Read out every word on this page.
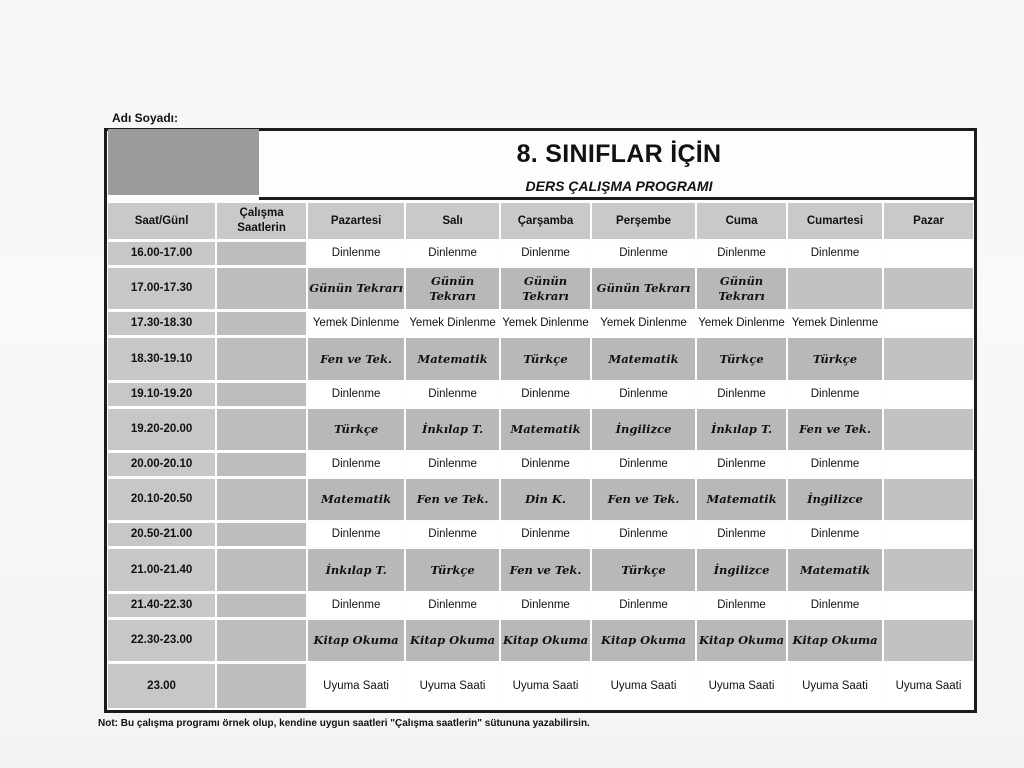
Adı Soyadı:
8. SINIFLAR İÇİN
DERS ÇALIŞMA PROGRAMI
Saat/Günl	Çalışma Saatlerin	Pazartesi	Salı	Çarşamba	Perşembe	Cuma	Cumartesi	Pazar
16.00-17.00		Dinlenme	Dinlenme	Dinlenme	Dinlenme	Dinlenme	Dinlenme	
17.00-17.30		Günün Tekrarı	Günün Tekrarı	Günün Tekrarı	Günün Tekrarı	Günün Tekrarı		
17.30-18.30		Yemek Dinlenme	Yemek Dinlenme	Yemek Dinlenme	Yemek Dinlenme	Yemek Dinlenme	Yemek Dinlenme	
18.30-19.10		Fen ve Tek.	Matematik	Türkçe	Matematik	Türkçe	Türkçe	
19.10-19.20		Dinlenme	Dinlenme	Dinlenme	Dinlenme	Dinlenme	Dinlenme	
19.20-20.00		Türkçe	İnkılap T.	Matematik	İngilizce	İnkılap T.	Fen ve Tek.	
20.00-20.10		Dinlenme	Dinlenme	Dinlenme	Dinlenme	Dinlenme	Dinlenme	
20.10-20.50		Matematik	Fen ve Tek.	Din K.	Fen ve Tek.	Matematik	İngilizce	
20.50-21.00		Dinlenme	Dinlenme	Dinlenme	Dinlenme	Dinlenme	Dinlenme	
21.00-21.40		İnkılap T.	Türkçe	Fen ve Tek.	Türkçe	İngilizce	Matematik	
21.40-22.30		Dinlenme	Dinlenme	Dinlenme	Dinlenme	Dinlenme	Dinlenme	
22.30-23.00		Kitap Okuma	Kitap Okuma	Kitap Okuma	Kitap Okuma	Kitap Okuma	Kitap Okuma	
23.00		Uyuma Saati	Uyuma Saati	Uyuma Saati	Uyuma Saati	Uyuma Saati	Uyuma Saati	Uyuma Saati
Not: Bu çalışma programı örnek olup, kendine uygun saatleri "Çalışma saatlerin" sütununa yazabilirsin.
